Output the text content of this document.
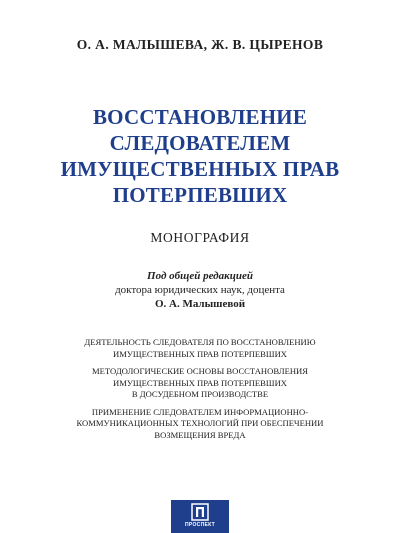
О. А. МАЛЫШЕВА, Ж. В. ЦЫРЕНОВ
ВОССТАНОВЛЕНИЕ
СЛЕДОВАТЕЛЕМ
ИМУЩЕСТВЕННЫХ ПРАВ
ПОТЕРПЕВШИХ
МОНОГРАФИЯ
Под общей редакцией
доктора юридических наук, доцента
О. А. Малышевой
ДЕЯТЕЛЬНОСТЬ СЛЕДОВАТЕЛЯ ПО ВОССТАНОВЛЕНИЮ
ИМУЩЕСТВЕННЫХ ПРАВ ПОТЕРПЕВШИХ
МЕТОДОЛОГИЧЕСКИЕ ОСНОВЫ ВОССТАНОВЛЕНИЯ
ИМУЩЕСТВЕННЫХ ПРАВ ПОТЕРПЕВШИХ
В ДОСУДЕБНОМ ПРОИЗВОДСТВЕ
ПРИМЕНЕНИЕ СЛЕДОВАТЕЛЕМ ИНФОРМАЦИОННО-
КОММУНИКАЦИОННЫХ ТЕХНОЛОГИЙ ПРИ ОБЕСПЕЧЕНИИ
ВОЗМЕЩЕНИЯ ВРЕДА
ПРОСПЕКТ
